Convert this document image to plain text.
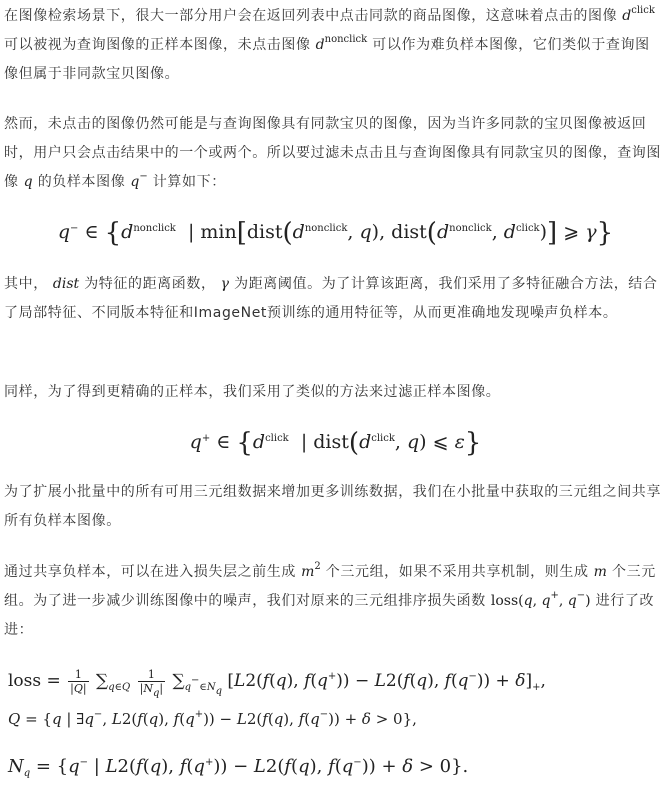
在图像检索场景下，很大一部分用户会在返回列表中点击同款的商品图像，这意味着点击的图像 $d^{click}$ 可以被视为查询图像的正样本图像，未点击图像 $d^{nonclick}$ 可以作为难负样本图像，它们类似于查询图像但属于非同款宝贝图像。

然而，未点击的图像仍然可能是与查询图像具有同款宝贝的图像，因为当许多同款的宝贝图像被返回时，用户只会点击结果中的一个或两个。所以要过滤未点击且与查询图像具有同款宝贝的图像，查询图像 q 的负样本图像 q− 计算如下：

q− ∈ {$d^{nonclick}$  | $\min[dist(d^{nonclick}$, q), $dist(d^{nonclick}$, $d^{click}$)] ⩾ γ}

其中， dist 为特征的距离函数， γ 为距离阈值。为了计算该距离，我们采用了多特征融合方法，结合了局部特征、不同版本特征和ImageNet预训练的通用特征等，从而更准确地发现噪声负样本。

同样，为了得到更精确的正样本，我们采用了类似的方法来过滤正样本图像。

q+ ∈ {$d^{click}$  | $dist(d^{click}$, q) ⩽ ε}

为了扩展小批量中的所有可用三元组数据来增加更多训练数据，我们在小批量中获取的三元组之间共享所有负样本图像。

通过共享负样本，可以在进入损失层之前生成 $m^2$ 个三元组，如果不采用共享机制，则生成 m 个三元组。为了进一步减少训练图像中的噪声，我们对原来的三元组排序损失函数 loss(q, q+, q−) 进行了改进：

loss = $\frac{1}{|Q|} \sum_{q\in Q} \frac{1}{|N_q|} \sum_{q^-\in N_q}$ [L2(f(q), f(q+)) − L2(f(q), $f(q^-)) + \delta]_+$,
Q = {q | ∃q−, L2(f(q), f(q+)) − L2(f(q), f(q−)) + δ > 0},
$N_q = \{q^-$ | L2(f(q), f(q+)) − L2(f(q), f(q−)) + δ > 0}.
